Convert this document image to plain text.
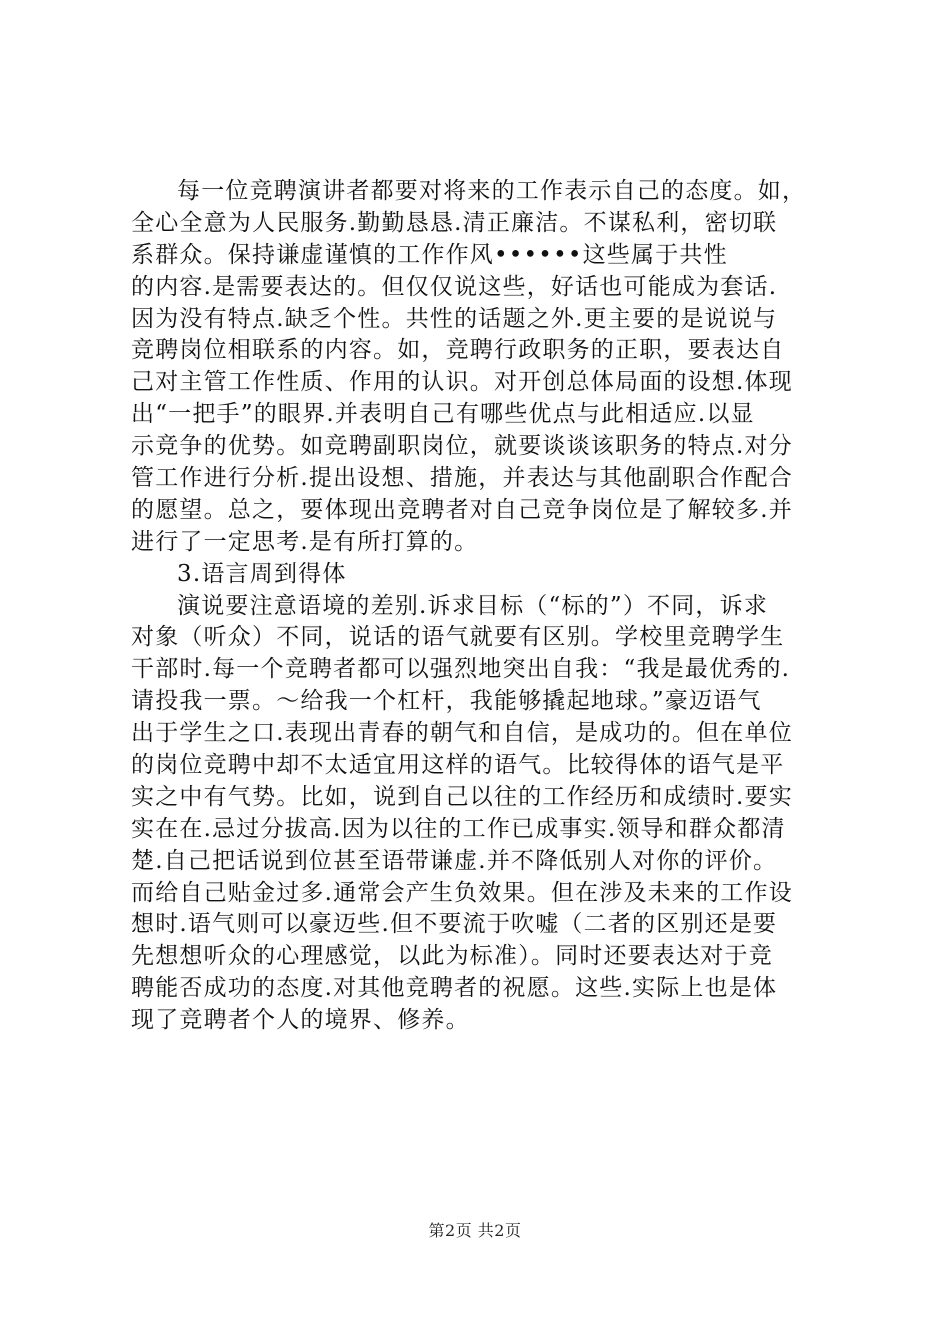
每一位竞聘演讲者都要对将来的工作表示自己的态度。如，
全心全意为人民服务.勤勤恳恳.清正廉洁。不谋私利，密切联
系群众。保持谦虚谨慎的工作作风••••••这些属于共性
的内容.是需要表达的。但仅仅说这些，好话也可能成为套话.
因为没有特点.缺乏个性。共性的话题之外.更主要的是说说与
竞聘岗位相联系的内容。如，竞聘行政职务的正职，要表达自
己对主管工作性质、作用的认识。对开创总体局面的设想.体现
出“一把手”的眼界.并表明自己有哪些优点与此相适应.以显
示竞争的优势。如竞聘副职岗位，就要谈谈该职务的特点.对分
管工作进行分析.提出设想、措施，并表达与其他副职合作配合
的愿望。总之，要体现出竞聘者对自己竞争岗位是了解较多.并
进行了一定思考.是有所打算的。
3.语言周到得体
演说要注意语境的差别.诉求目标（“标的”）不同，诉求
对象（听众）不同，说话的语气就要有区别。学校里竞聘学生
干部时.每一个竞聘者都可以强烈地突出自我：“我是最优秀的.
请投我一票。～给我一个杠杆，我能够撬起地球。”豪迈语气
出于学生之口.表现出青春的朝气和自信，是成功的。但在单位
的岗位竞聘中却不太适宜用这样的语气。比较得体的语气是平
实之中有气势。比如，说到自己以往的工作经历和成绩时.要实
实在在.忌过分拔高.因为以往的工作已成事实.领导和群众都清
楚.自己把话说到位甚至语带谦虚.并不降低别人对你的评价。
而给自己贴金过多.通常会产生负效果。但在涉及未来的工作设
想时.语气则可以豪迈些.但不要流于吹嘘（二者的区别还是要
先想想听众的心理感觉，以此为标准）。同时还要表达对于竞
聘能否成功的态度.对其他竞聘者的祝愿。这些.实际上也是体
现了竞聘者个人的境界、修养。
第2页 共2页
